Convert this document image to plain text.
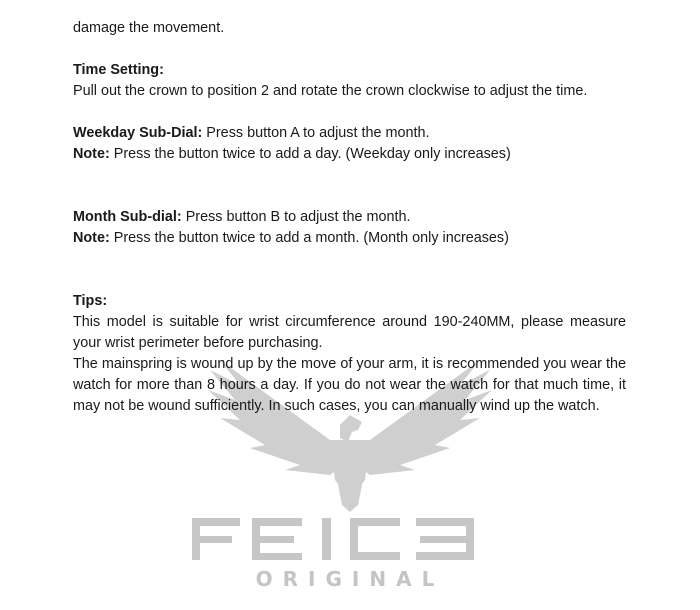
ORIGINAL

damage the movement.

Time Setting:

Pull out the crown to position 2 and rotate the crown clockwise to adjust the time.

Weekday Sub-Dial: Press button A to adjust the month.

Note: Press the button twice to add a day. (Weekday only increases)

Month Sub-dial: Press button B to adjust the month.

Note: Press the button twice to add a month. (Month only increases)

Tips:

This model is suitable for wrist circumference around 190-240MM, please measure your wrist perimeter before purchasing.

The mainspring is wound up by the move of your arm, it is recommended you wear the watch for more than 8 hours a day. If you do not wear the watch for that much time, it may not be wound sufficiently. In such cases, you can manually wind up the watch.
